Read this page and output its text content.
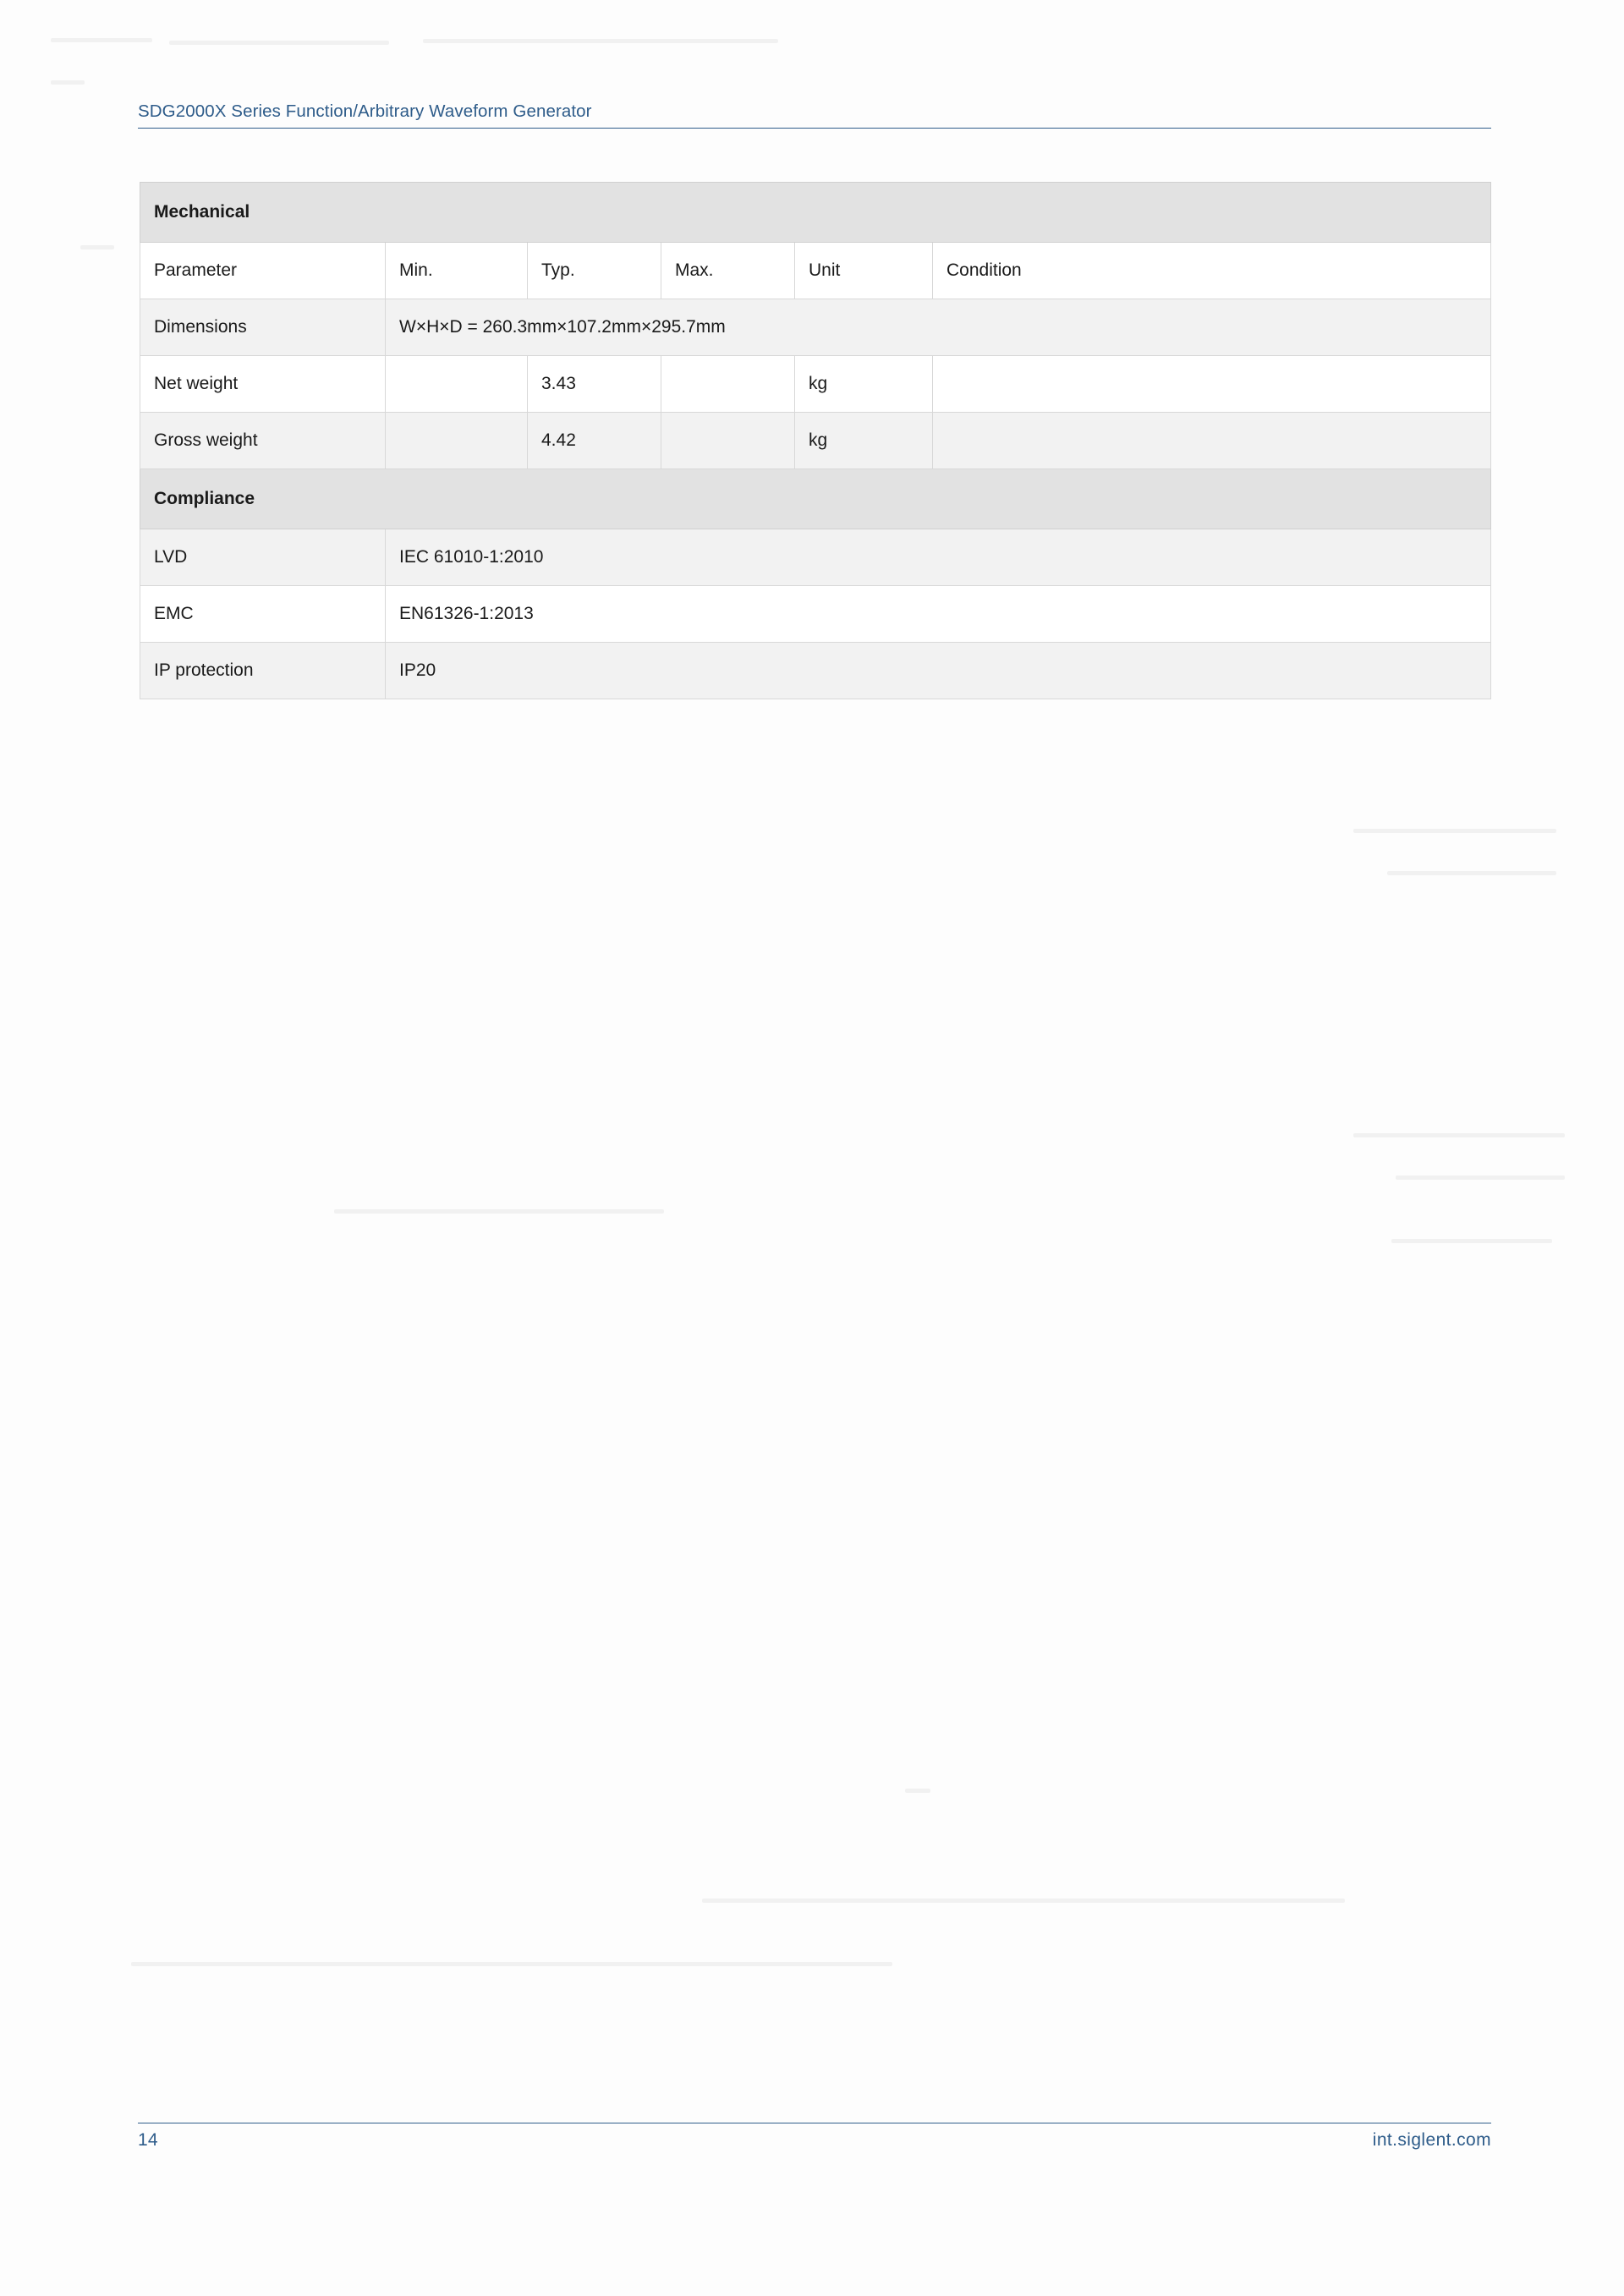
SDG2000X Series Function/Arbitrary Waveform Generator
Mechanical					
Parameter	Min.	Typ.	Max.	Unit	Condition
Dimensions	W×H×D = 260.3mm×107.2mm×295.7mm				
Net weight		3.43		kg	
Gross weight		4.42		kg	
Compliance					
LVD	IEC 61010-1:2010				
EMC	EN61326-1:2013				
IP protection	IP20				
14	int.siglent.com
